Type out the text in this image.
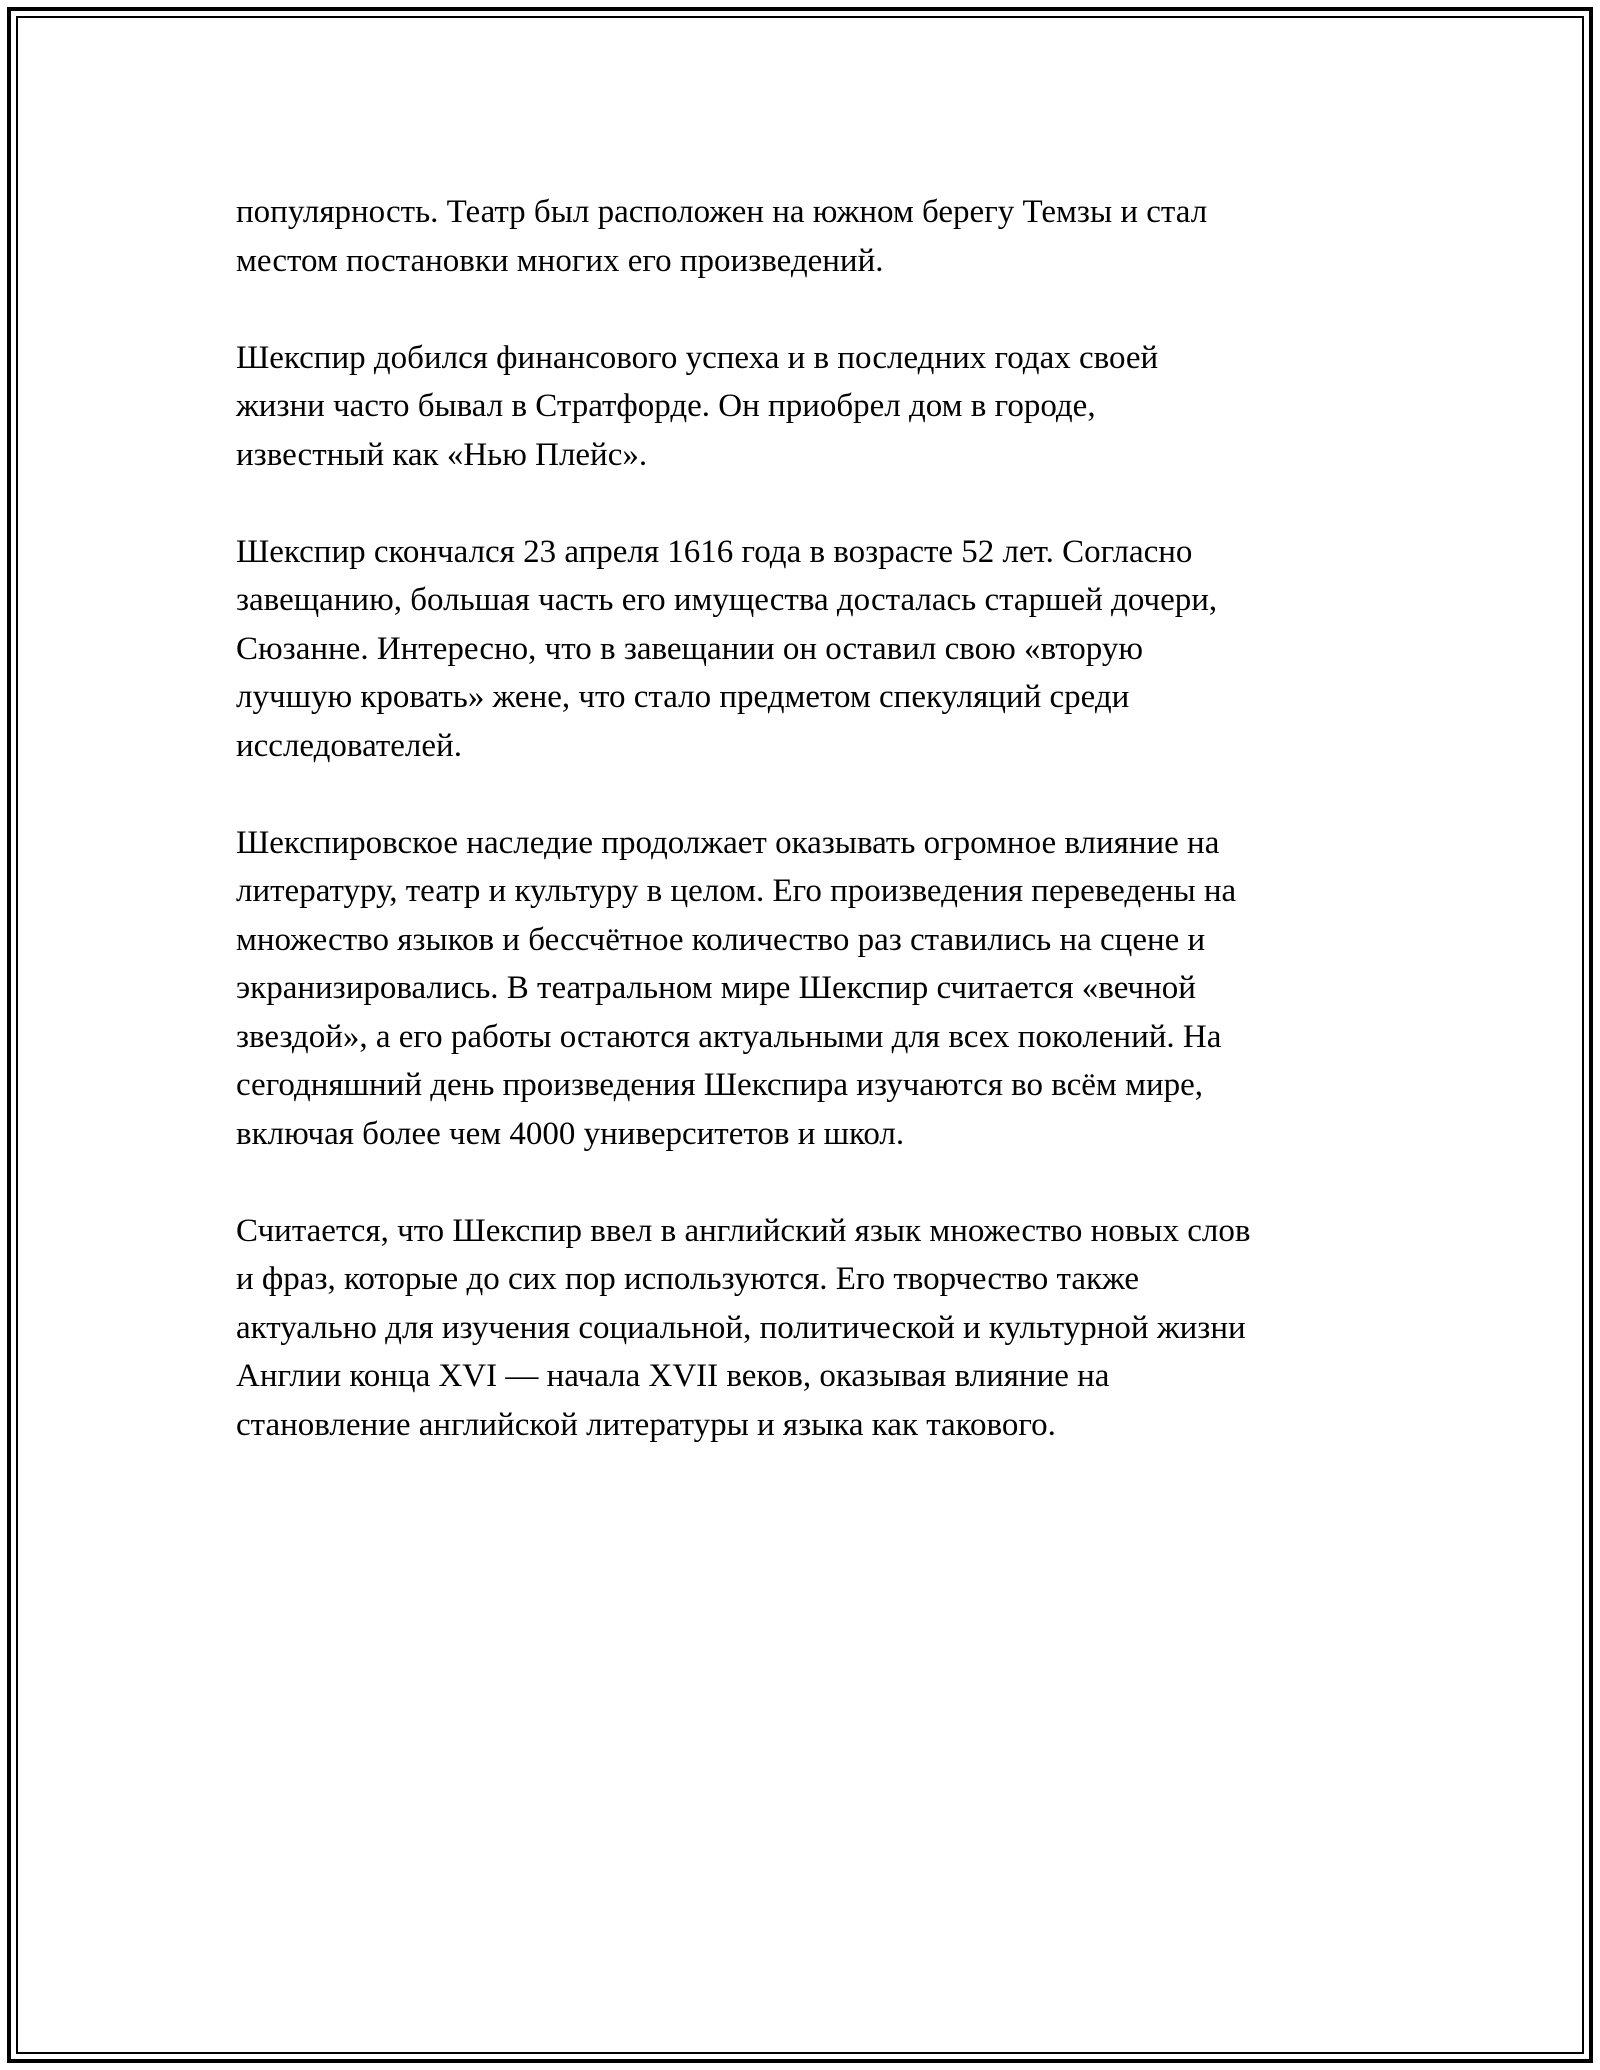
популярность. Театр был расположен на южном берегу Темзы и стал
местом постановки многих его произведений.

Шекспир добился финансового успеха и в последних годах своей
жизни часто бывал в Стратфорде. Он приобрел дом в городе,
известный как «Нью Плейс».

Шекспир скончался 23 апреля 1616 года в возрасте 52 лет. Согласно
завещанию, большая часть его имущества досталась старшей дочери,
Сюзанне. Интересно, что в завещании он оставил свою «вторую
лучшую кровать» жене, что стало предметом спекуляций среди
исследователей.

Шекспировское наследие продолжает оказывать огромное влияние на
литературу, театр и культуру в целом. Его произведения переведены на
множество языков и бессчётное количество раз ставились на сцене и
экранизировались. В театральном мире Шекспир считается «вечной
звездой», а его работы остаются актуальными для всех поколений. На
сегодняшний день произведения Шекспира изучаются во всём мире,
включая более чем 4000 университетов и школ.

Считается, что Шекспир ввел в английский язык множество новых слов
и фраз, которые до сих пор используются. Его творчество также
актуально для изучения социальной, политической и культурной жизни
Англии конца XVI — начала XVII веков, оказывая влияние на
становление английской литературы и языка как такового.
